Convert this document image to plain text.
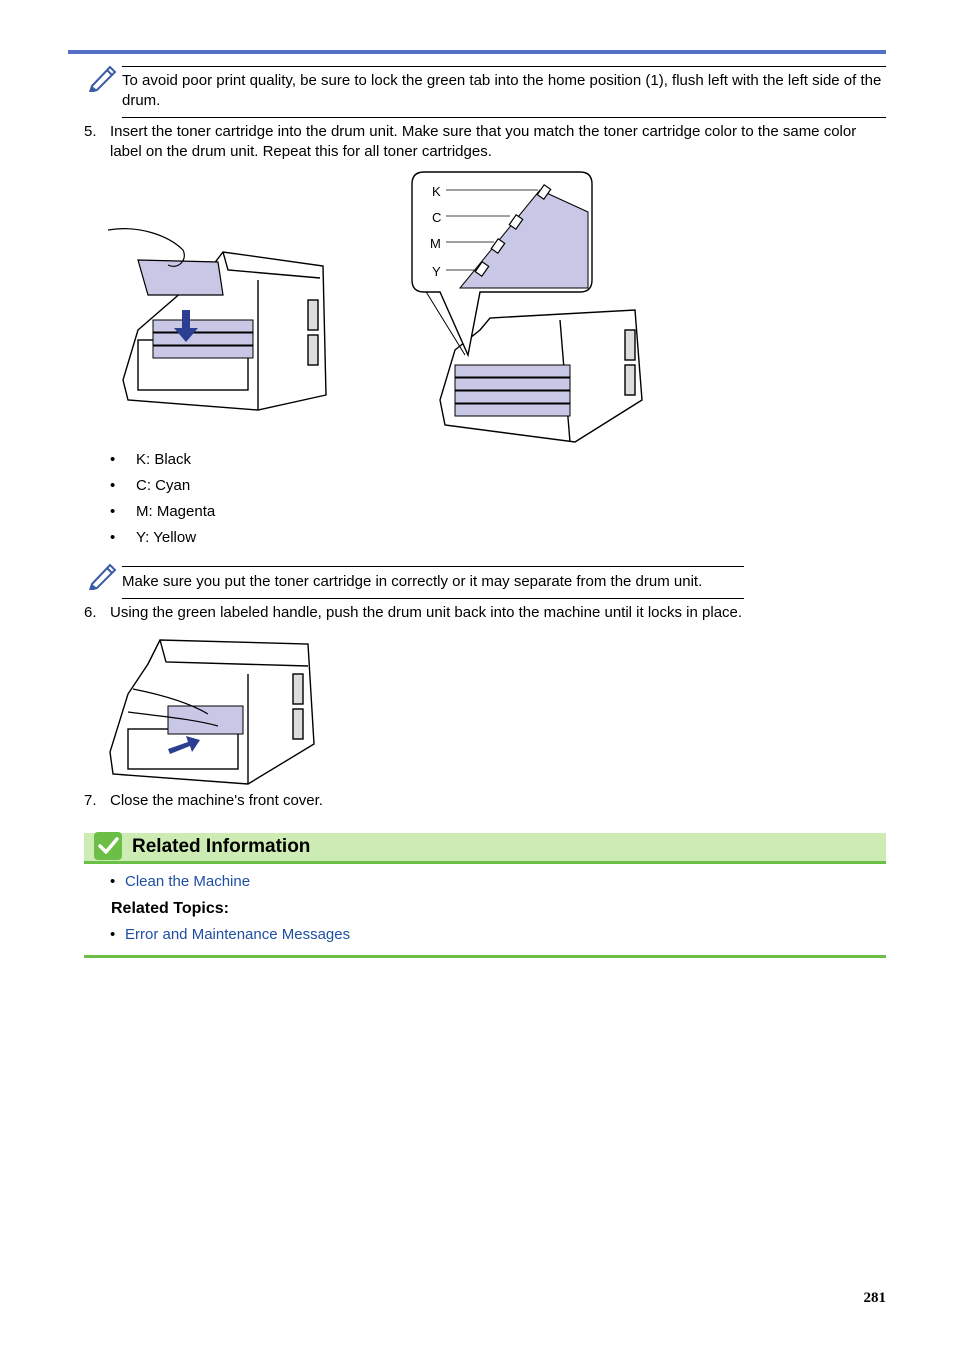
To avoid poor print quality, be sure to lock the green tab into the home position (1), flush left with the left side of the drum.
5. Insert the toner cartridge into the drum unit. Make sure that you match the toner cartridge color to the same color label on the drum unit. Repeat this for all toner cartridges.
K
C
M
Y
• K: Black
• C: Cyan
• M: Magenta
• Y: Yellow
Make sure you put the toner cartridge in correctly or it may separate from the drum unit.
6. Using the green labeled handle, push the drum unit back into the machine until it locks in place.
7. Close the machine's front cover.
Related Information
• Clean the Machine
Related Topics:
• Error and Maintenance Messages
281
